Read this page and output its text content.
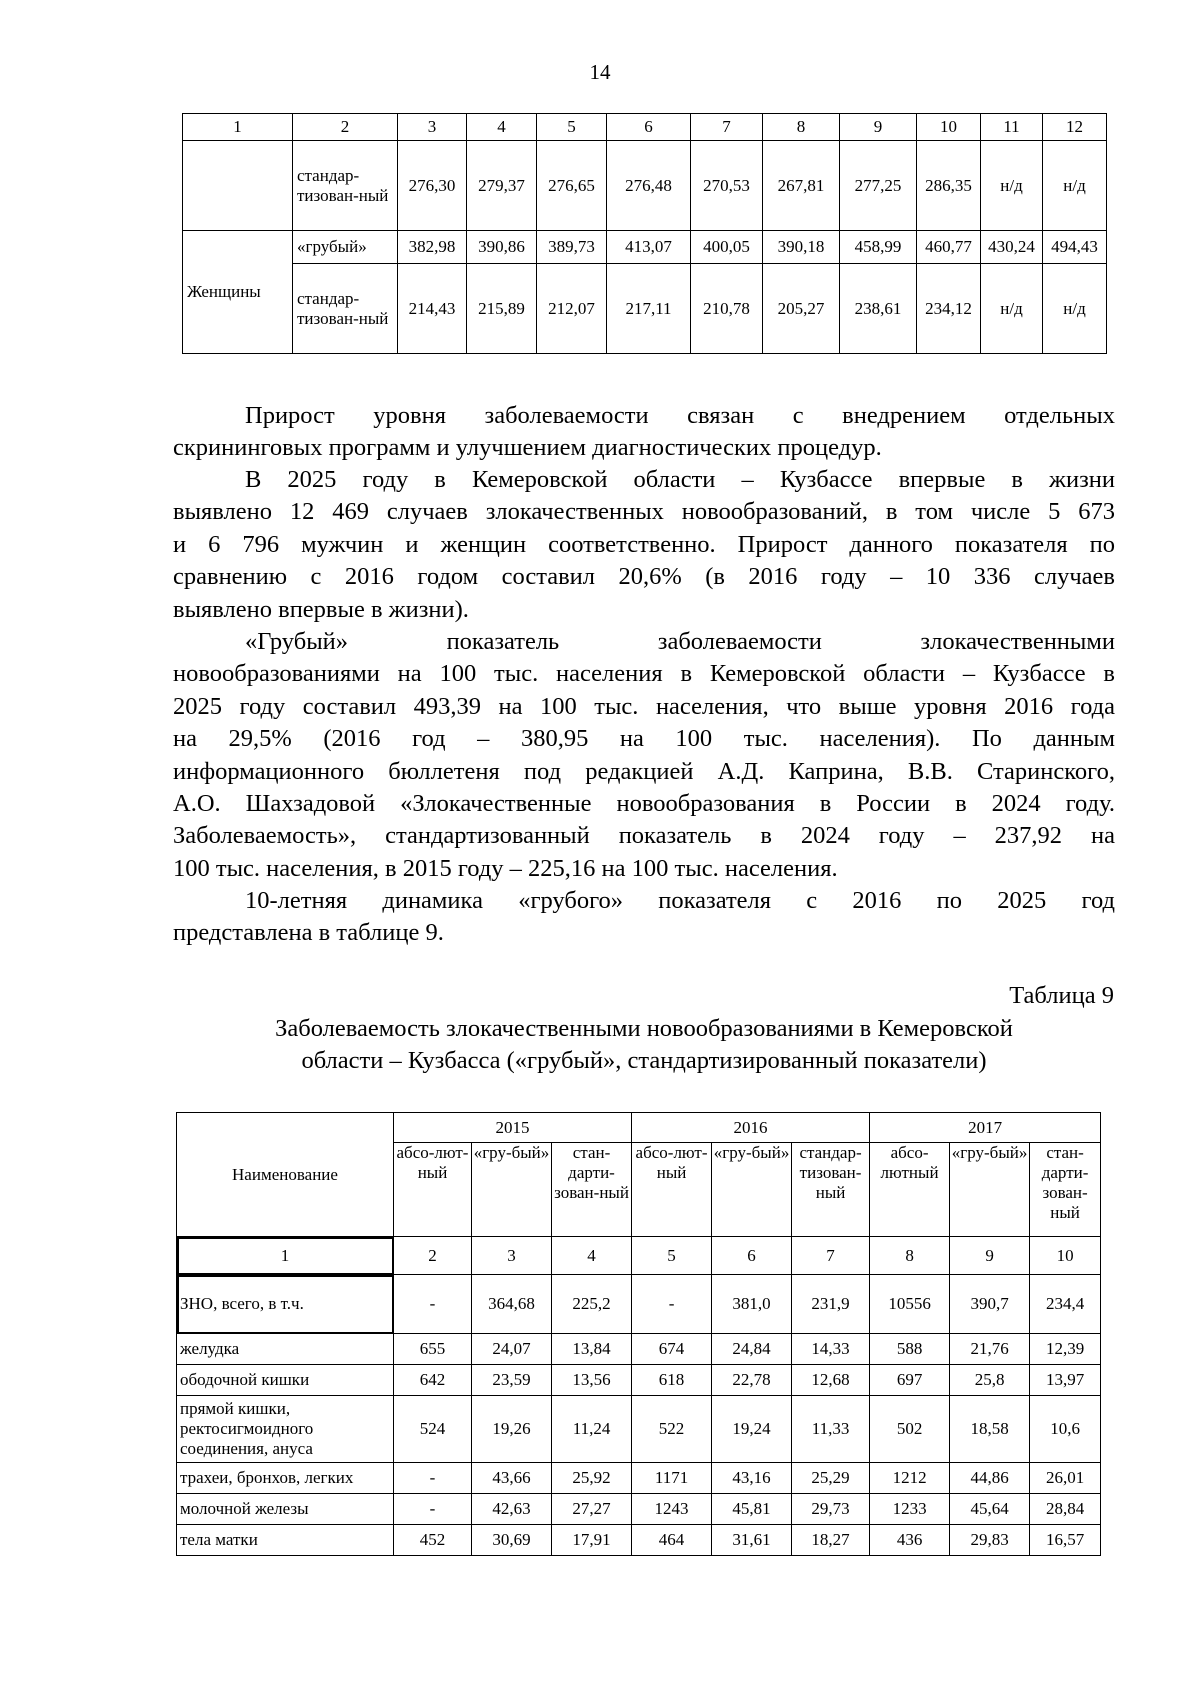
14
1	2	3	4	5	6	7	8	9	10	11	12
	стандар-тизован-ный	276,30	279,37	276,65	276,48	270,53	267,81	277,25	286,35	н/д	н/д
Женщины	«грубый»	382,98	390,86	389,73	413,07	400,05	390,18	458,99	460,77	430,24	494,43
	стандар-тизован-ный	214,43	215,89	212,07	217,11	210,78	205,27	238,61	234,12	н/д	н/д
Прирост уровня заболеваемости связан с внедрением отдельных
скрининговых программ и улучшением диагностических процедур.
В 2025 году в Кемеровской области – Кузбассе впервые в жизни
выявлено 12 469 случаев злокачественных новообразований, в том числе 5 673
и 6 796 мужчин и женщин соответственно. Прирост данного показателя по
сравнению с 2016 годом составил 20,6% (в 2016 году – 10 336 случаев
выявлено впервые в жизни).
«Грубый» показатель заболеваемости злокачественными
новообразованиями на 100 тыс. населения в Кемеровской области – Кузбассе в
2025 году составил 493,39 на 100 тыс. населения, что выше уровня 2016 года
на 29,5% (2016 год – 380,95 на 100 тыс. населения). По данным
информационного бюллетеня под редакцией А.Д. Каприна, В.В. Старинского,
А.О. Шахзадовой «Злокачественные новообразования в России в 2024 году.
Заболеваемость», стандартизованный показатель в 2024 году – 237,92 на
100 тыс. населения, в 2015 году – 225,16 на 100 тыс. населения.
10-летняя динамика «грубого» показателя с 2016 по 2025 год
представлена в таблице 9.
Таблица 9
Заболеваемость злокачественными новообразованиями в Кемеровской
области – Кузбасса («грубый», стандартизированный показатели)
Наименование	2015			2016			2017		
	абсо-лют-ный	«гру-бый»	стан-дарти-зован-ный	абсо-лют-ный	«гру-бый»	стандар-тизован-ный	абсо-лютный	«гру-бый»	стан-дарти-зован-ный
1	2	3	4	5	6	7	8	9	10
ЗНО, всего, в т.ч.	-	364,68	225,2	-	381,0	231,9	10556	390,7	234,4
желудка	655	24,07	13,84	674	24,84	14,33	588	21,76	12,39
ободочной кишки	642	23,59	13,56	618	22,78	12,68	697	25,8	13,97
прямой кишки, ректосигмоидного соединения, ануса	524	19,26	11,24	522	19,24	11,33	502	18,58	10,6
трахеи, бронхов, легких	-	43,66	25,92	1171	43,16	25,29	1212	44,86	26,01
молочной железы	-	42,63	27,27	1243	45,81	29,73	1233	45,64	28,84
тела матки	452	30,69	17,91	464	31,61	18,27	436	29,83	16,57
